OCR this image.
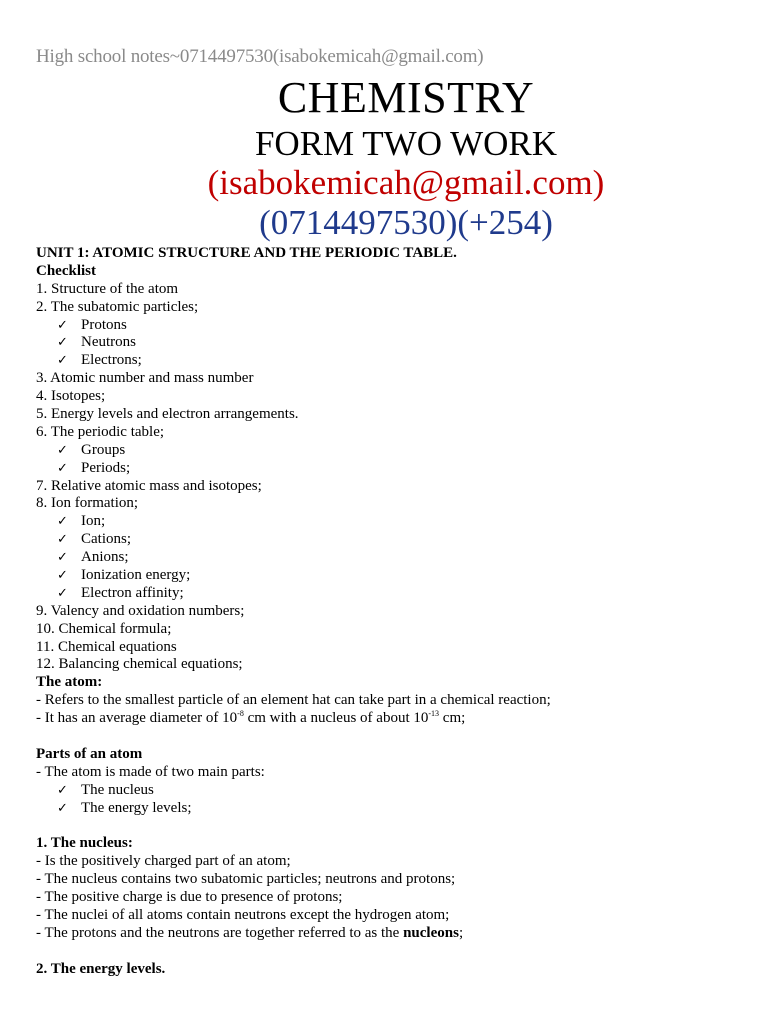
High school notes~0714497530(isabokemicah@gmail.com)
CHEMISTRY
FORM TWO WORK
(isabokemicah@gmail.com)
(0714497530)(+254)
UNIT 1: ATOMIC STRUCTURE AND THE PERIODIC TABLE.
Checklist
1. Structure of the atom
2. The subatomic particles;
✓ Protons
✓ Neutrons
✓ Electrons;
3. Atomic number and mass number
4. Isotopes;
5. Energy levels and electron arrangements.
6. The periodic table;
✓ Groups
✓ Periods;
7. Relative atomic mass and isotopes;
8. Ion formation;
✓ Ion;
✓ Cations;
✓ Anions;
✓ Ionization energy;
✓ Electron affinity;
9. Valency and oxidation numbers;
10. Chemical formula;
11. Chemical equations
12. Balancing chemical equations;
The atom:
- Refers to the smallest particle of an element hat can take part in a chemical reaction;
- It has an average diameter of $10^{-8}$ cm with a nucleus of about $10^{-13}$ cm;
Parts of an atom
- The atom is made of two main parts:
✓ The nucleus
✓ The energy levels;
1. The nucleus:
- Is the positively charged part of an atom;
- The nucleus contains two subatomic particles; neutrons and protons;
- The positive charge is due to presence of protons;
- The nuclei of all atoms contain neutrons except the hydrogen atom;
- The protons and the neutrons are together referred to as the nucleons;
2. The energy levels.
